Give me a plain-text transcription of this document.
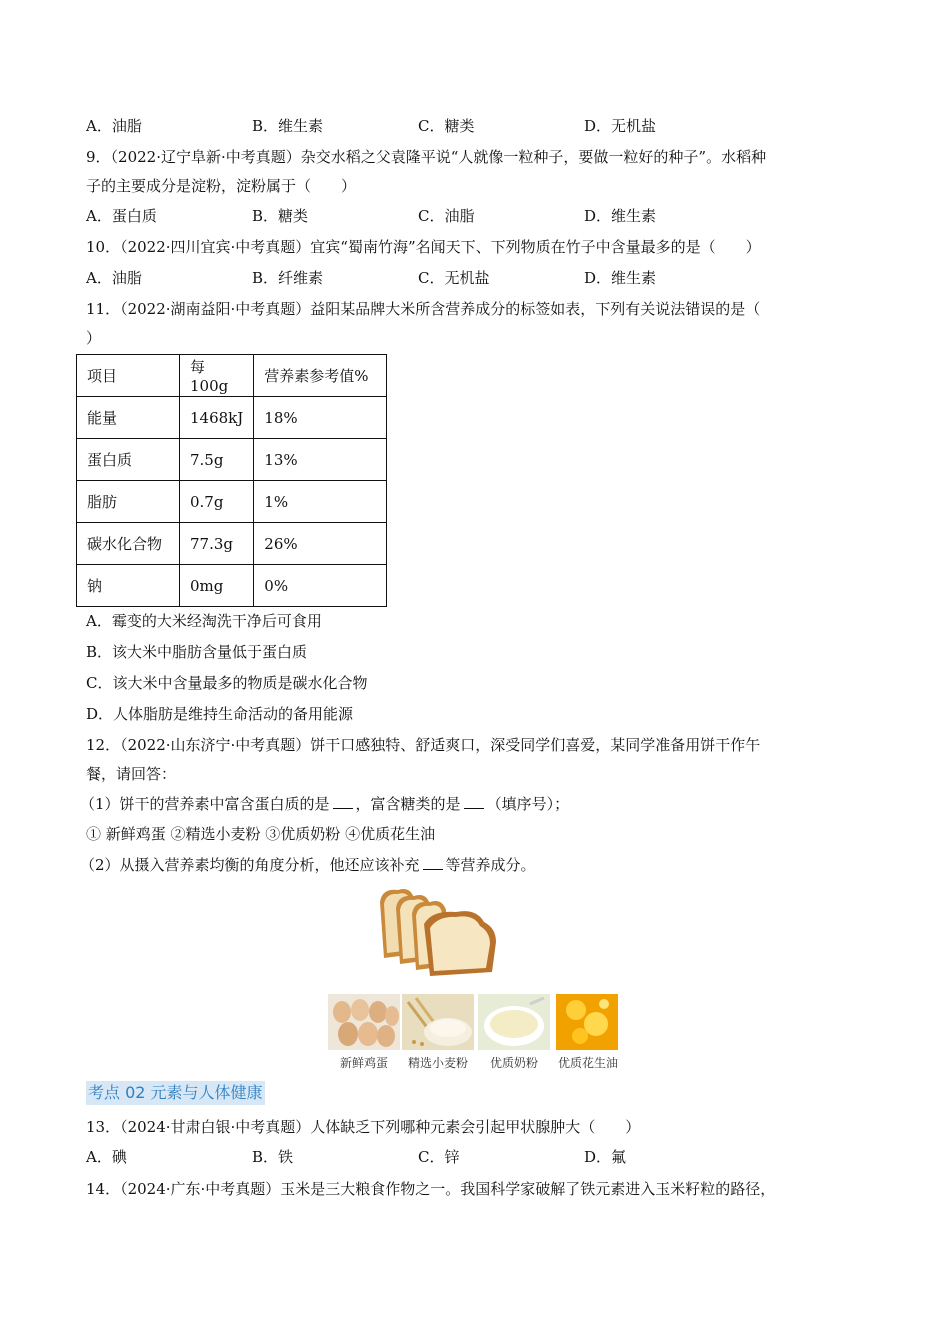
A．油脂	B．维生素	C．糖类	D．无机盐
9．（2022·辽宁阜新·中考真题）杂交水稻之父袁隆平说“人就像一粒种子，要做一粒好的种子”。水稻种
子的主要成分是淀粉，淀粉属于（　　）
A．蛋白质	B．糖类	C．油脂	D．维生素
10．（2022·四川宜宾·中考真题）宜宾“蜀南竹海”名闻天下、下列物质在竹子中含量最多的是（　　）
A．油脂	B．纤维素	C．无机盐	D．维生素
11．（2022·湖南益阳·中考真题）益阳某品牌大米所含营养成分的标签如表，下列有关说法错误的是（
）
项目	每 100g	营养素参考值%
能量	1468kJ	18%
蛋白质	7.5g	13%
脂肪	0.7g	1%
碳水化合物	77.3g	26%
钠	0mg	0%
A．霉变的大米经淘洗干净后可食用
B．该大米中脂肪含量低于蛋白质
C．该大米中含量最多的物质是碳水化合物
D．人体脂肪是维持生命活动的备用能源
12．（2022·山东济宁·中考真题）饼干口感独特、舒适爽口，深受同学们喜爱，某同学准备用饼干作午
餐，请回答：
（1）饼干的营养素中富含蛋白质的是 ，富含糖类的是 （填序号）；
① 新鲜鸡蛋 ②精选小麦粉 ③优质奶粉 ④优质花生油
（2）从摄入营养素均衡的角度分析，他还应该补充 等营养成分。
新鲜鸡蛋	精选小麦粉	优质奶粉	优质花生油
考点 02 元素与人体健康
13．（2024·甘肃白银·中考真题）人体缺乏下列哪种元素会引起甲状腺肿大（　　）
A．碘	B．铁	C．锌	D．氟
14．（2024·广东·中考真题）玉米是三大粮食作物之一。我国科学家破解了铁元素进入玉米籽粒的路径，
